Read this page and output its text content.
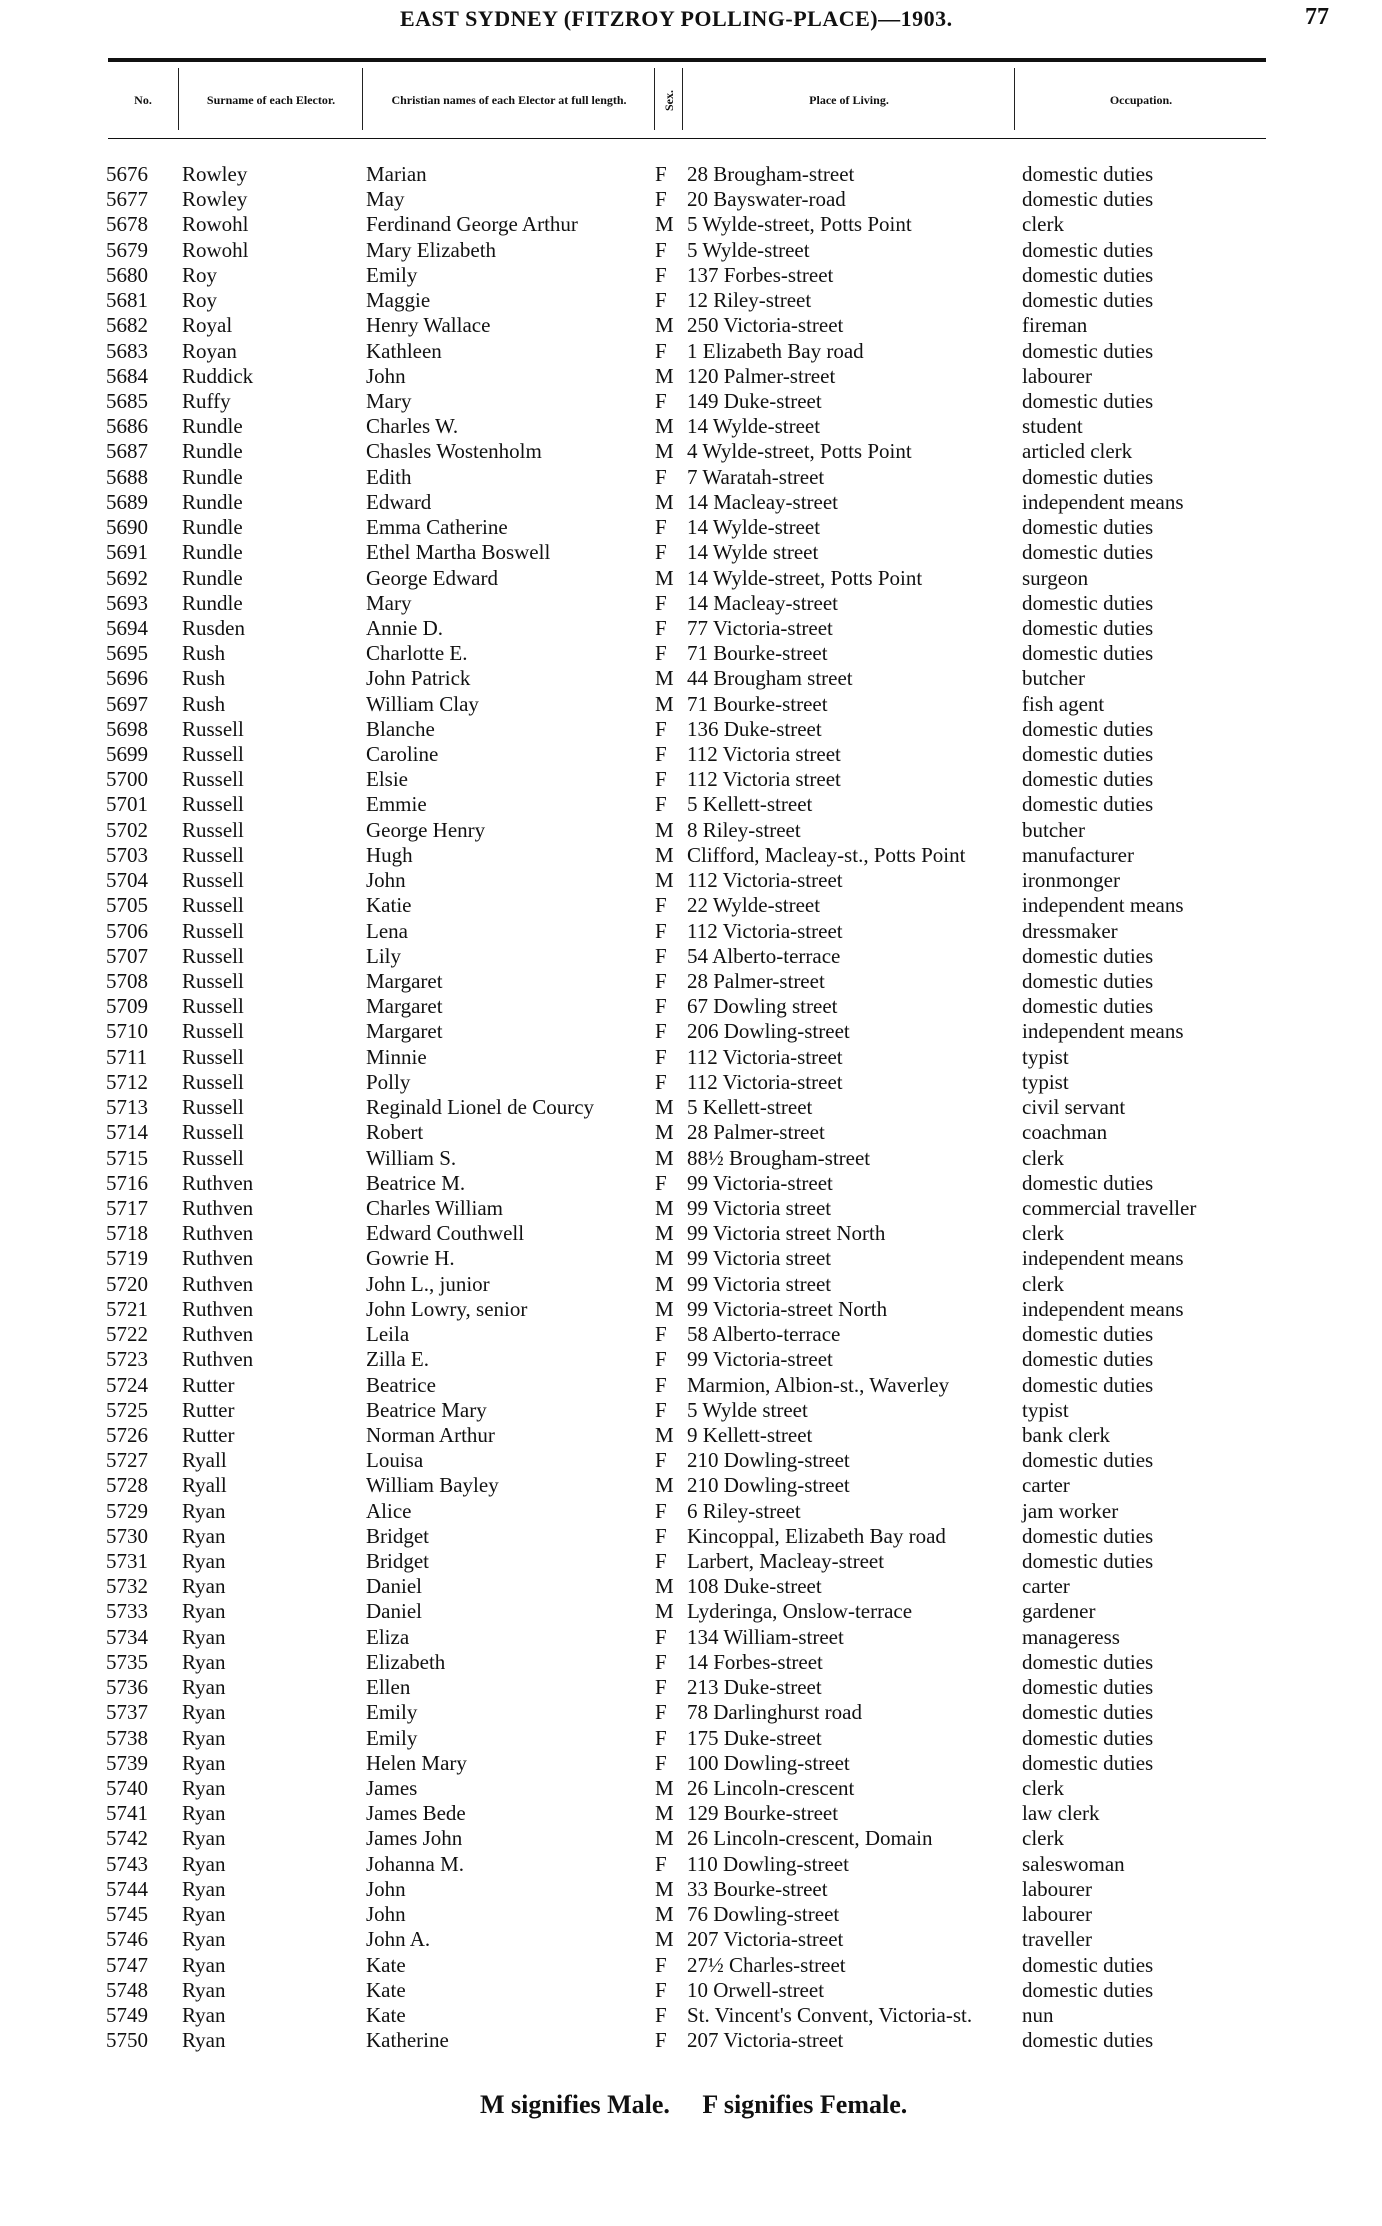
EAST SYDNEY (FITZROY POLLING-PLACE)—1903.	77
No.	Surname of each Elector.	Christian names of each Elector at full length.	Sex.	Place of Living.	Occupation.
5676 Rowley	Marian	F 28 Brougham-street	domestic duties
5677 Rowley	May	F 20 Bayswater-road	domestic duties
5678 Rowohl	Ferdinand George Arthur	M 5 Wylde-street, Potts Point	clerk
5679 Rowohl	Mary Elizabeth	F 5 Wylde-street	domestic duties
5680 Roy	Emily	F 137 Forbes-street	domestic duties
5681 Roy	Maggie	F 12 Riley-street	domestic duties
5682 Royal	Henry Wallace	M 250 Victoria-street	fireman
5683 Royan	Kathleen	F 1 Elizabeth Bay road	domestic duties
5684 Ruddick	John	M 120 Palmer-street	labourer
5685 Ruffy	Mary	F 149 Duke-street	domestic duties
5686 Rundle	Charles W.	M 14 Wylde-street	student
5687 Rundle	Chasles Wostenholm	M 4 Wylde-street, Potts Point	articled clerk
5688 Rundle	Edith	F 7 Waratah-street	domestic duties
5689 Rundle	Edward	M 14 Macleay-street	independent means
5690 Rundle	Emma Catherine	F 14 Wylde-street	domestic duties
5691 Rundle	Ethel Martha Boswell	F 14 Wylde street	domestic duties
5692 Rundle	George Edward	M 14 Wylde-street, Potts Point	surgeon
5693 Rundle	Mary	F 14 Macleay-street	domestic duties
5694 Rusden	Annie D.	F 77 Victoria-street	domestic duties
5695 Rush	Charlotte E.	F 71 Bourke-street	domestic duties
5696 Rush	John Patrick	M 44 Brougham street	butcher
5697 Rush	William Clay	M 71 Bourke-street	fish agent
5698 Russell	Blanche	F 136 Duke-street	domestic duties
5699 Russell	Caroline	F 112 Victoria street	domestic duties
5700 Russell	Elsie	F 112 Victoria street	domestic duties
5701 Russell	Emmie	F 5 Kellett-street	domestic duties
5702 Russell	George Henry	M 8 Riley-street	butcher
5703 Russell	Hugh	M Clifford, Macleay-st., Potts Point	manufacturer
5704 Russell	John	M 112 Victoria-street	ironmonger
5705 Russell	Katie	F 22 Wylde-street	independent means
5706 Russell	Lena	F 112 Victoria-street	dressmaker
5707 Russell	Lily	F 54 Alberto-terrace	domestic duties
5708 Russell	Margaret	F 28 Palmer-street	domestic duties
5709 Russell	Margaret	F 67 Dowling street	domestic duties
5710 Russell	Margaret	F 206 Dowling-street	independent means
5711 Russell	Minnie	F 112 Victoria-street	typist
5712 Russell	Polly	F 112 Victoria-street	typist
5713 Russell	Reginald Lionel de Courcy	M 5 Kellett-street	civil servant
5714 Russell	Robert	M 28 Palmer-street	coachman
5715 Russell	William S.	M 88½ Brougham-street	clerk
5716 Ruthven	Beatrice M.	F 99 Victoria-street	domestic duties
5717 Ruthven	Charles William	M 99 Victoria street	commercial traveller
5718 Ruthven	Edward Couthwell	M 99 Victoria street North	clerk
5719 Ruthven	Gowrie H.	M 99 Victoria street	independent means
5720 Ruthven	John L., junior	M 99 Victoria street	clerk
5721 Ruthven	John Lowry, senior	M 99 Victoria-street North	independent means
5722 Ruthven	Leila	F 58 Alberto-terrace	domestic duties
5723 Ruthven	Zilla E.	F 99 Victoria-street	domestic duties
5724 Rutter	Beatrice	F Marmion, Albion-st., Waverley	domestic duties
5725 Rutter	Beatrice Mary	F 5 Wylde street	typist
5726 Rutter	Norman Arthur	M 9 Kellett-street	bank clerk
5727 Ryall	Louisa	F 210 Dowling-street	domestic duties
5728 Ryall	William Bayley	M 210 Dowling-street	carter
5729 Ryan	Alice	F 6 Riley-street	jam worker
5730 Ryan	Bridget	F Kincoppal, Elizabeth Bay road	domestic duties
5731 Ryan	Bridget	F Larbert, Macleay-street	domestic duties
5732 Ryan	Daniel	M 108 Duke-street	carter
5733 Ryan	Daniel	M Lyderinga, Onslow-terrace	gardener
5734 Ryan	Eliza	F 134 William-street	manageress
5735 Ryan	Elizabeth	F 14 Forbes-street	domestic duties
5736 Ryan	Ellen	F 213 Duke-street	domestic duties
5737 Ryan	Emily	F 78 Darlinghurst road	domestic duties
5738 Ryan	Emily	F 175 Duke-street	domestic duties
5739 Ryan	Helen Mary	F 100 Dowling-street	domestic duties
5740 Ryan	James	M 26 Lincoln-crescent	clerk
5741 Ryan	James Bede	M 129 Bourke-street	law clerk
5742 Ryan	James John	M 26 Lincoln-crescent, Domain	clerk
5743 Ryan	Johanna M.	F 110 Dowling-street	saleswoman
5744 Ryan	John	M 33 Bourke-street	labourer
5745 Ryan	John	M 76 Dowling-street	labourer
5746 Ryan	John A.	M 207 Victoria-street	traveller
5747 Ryan	Kate	F 27½ Charles-street	domestic duties
5748 Ryan	Kate	F 10 Orwell-street	domestic duties
5749 Ryan	Kate	F St. Vincent's Convent, Victoria-st. nun
5750 Ryan	Katherine	F 207 Victoria-street	domestic duties
M signifies Male. F signifies Female.
